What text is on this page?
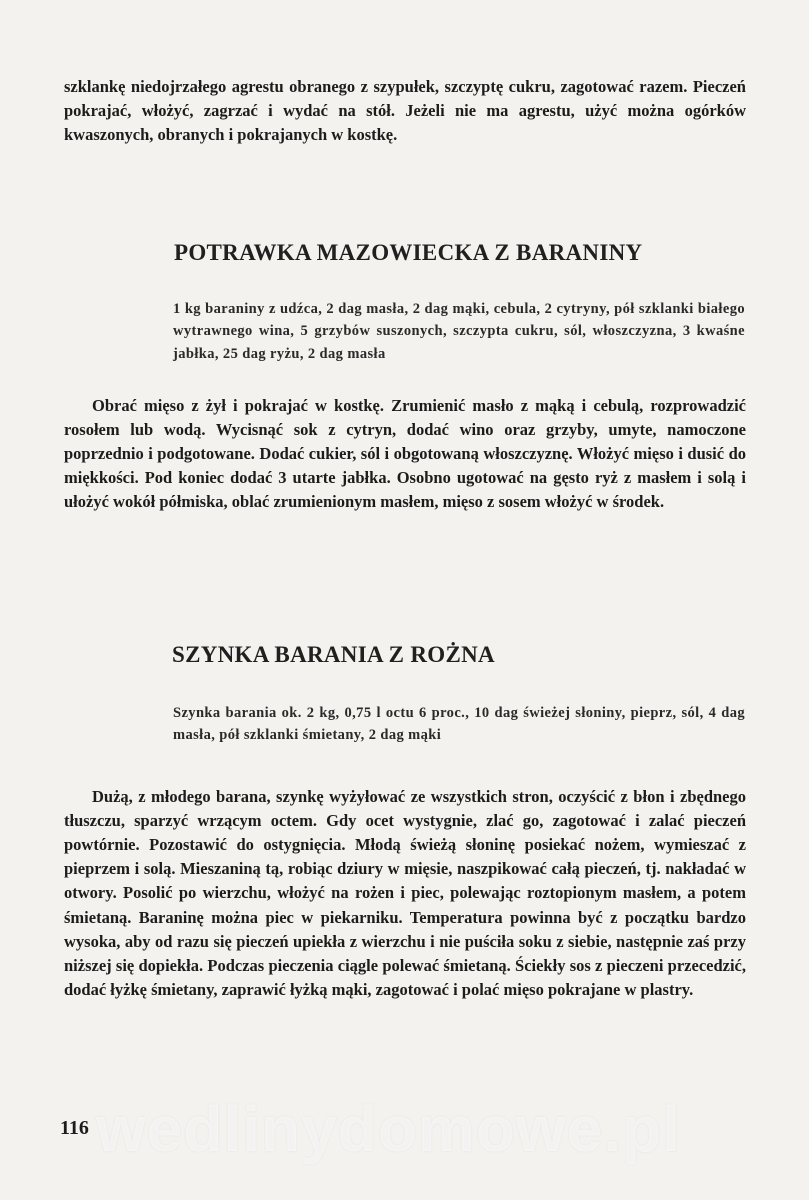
szklankę niedojrzałego agrestu obranego z szypułek, szczyptę cukru, zagotować razem. Pieczeń pokrajać, włożyć, zagrzać i wydać na stół. Jeżeli nie ma agrestu, użyć można ogórków kwaszonych, obranych i pokrajanych w kostkę.

POTRAWKA MAZOWIECKA Z BARANINY

1 kg baraniny z udźca, 2 dag masła, 2 dag mąki, cebula, 2 cytryny, pół szklanki białego wytrawnego wina, 5 grzybów suszonych, szczypta cukru, sól, włoszczyzna, 3 kwaśne jabłka, 25 dag ryżu, 2 dag masła

Obrać mięso z żył i pokrajać w kostkę. Zrumienić masło z mąką i cebulą, rozprowadzić rosołem lub wodą. Wycisnąć sok z cytryn, dodać wino oraz grzyby, umyte, namoczone poprzednio i podgotowane. Dodać cukier, sól i obgotowaną włoszczyznę. Włożyć mięso i dusić do miękkości. Pod koniec dodać 3 utarte jabłka. Osobno ugotować na gęsto ryż z masłem i solą i ułożyć wokół półmiska, oblać zrumienionym masłem, mięso z sosem włożyć w środek.

SZYNKA BARANIA Z ROŻNA

Szynka barania ok. 2 kg, 0,75 l octu 6 proc., 10 dag świeżej słoniny, pieprz, sól, 4 dag masła, pół szklanki śmietany, 2 dag mąki

Dużą, z młodego barana, szynkę wyżyłować ze wszystkich stron, oczyścić z błon i zbędnego tłuszczu, sparzyć wrzącym octem. Gdy ocet wystygnie, zlać go, zagotować i zalać pieczeń powtórnie. Pozostawić do ostygnięcia. Młodą świeżą słoninę posiekać nożem, wymieszać z pieprzem i solą. Mieszaniną tą, robiąc dziury w mięsie, naszpikować całą pieczeń, tj. nakładać w otwory. Posolić po wierzchu, włożyć na rożen i piec, polewając roztopionym masłem, a potem śmietaną. Baraninę można piec w piekarniku. Temperatura powinna być z początku bardzo wysoka, aby od razu się pieczeń upiekła z wierzchu i nie puściła soku z siebie, następnie zaś przy niższej się dopiekła. Podczas pieczenia ciągle polewać śmietaną. Ściekły sos z pieczeni przecedzić, dodać łyżkę śmietany, zaprawić łyżką mąki, zagotować i polać mięso pokrajane w plastry.

wedlinydomowe.pl
116
